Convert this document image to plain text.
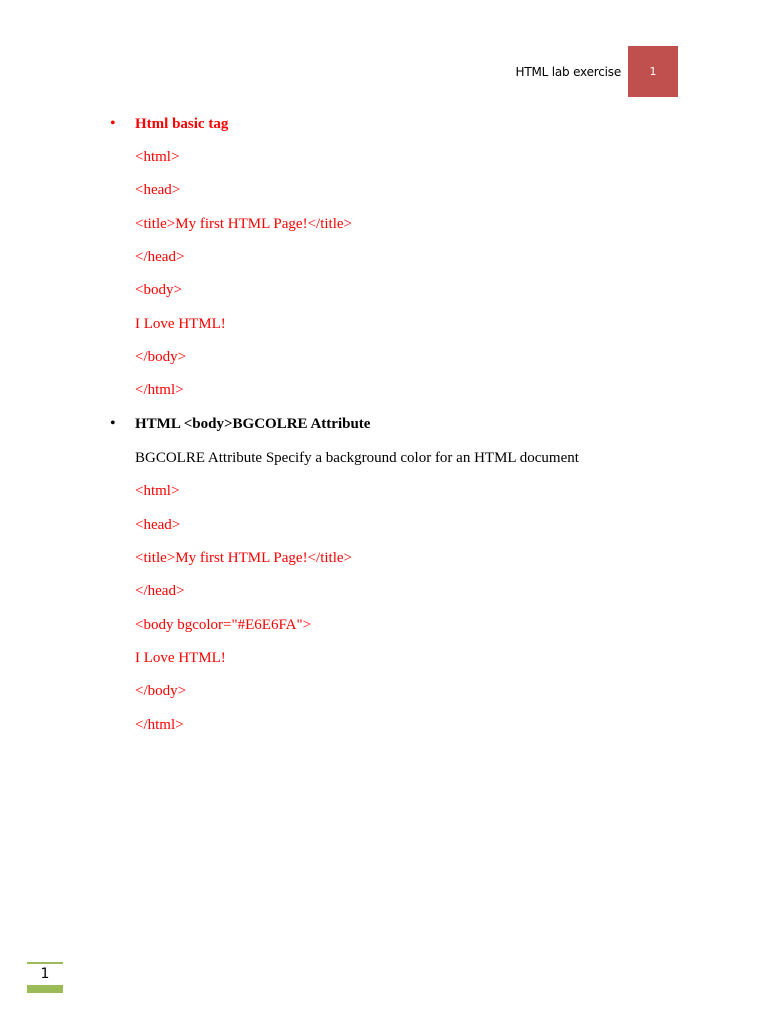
HTML lab exercise	1
• Html basic tag
<html>
<head>
<title>My first HTML Page!</title>
</head>
<body>
I Love HTML!
</body>
</html>
• HTML <body>BGCOLRE Attribute
BGCOLRE Attribute Specify a background color for an HTML document
<html>
<head>
<title>My first HTML Page!</title>
</head>
<body bgcolor="#E6E6FA">
I Love HTML!
</body>
</html>
1
